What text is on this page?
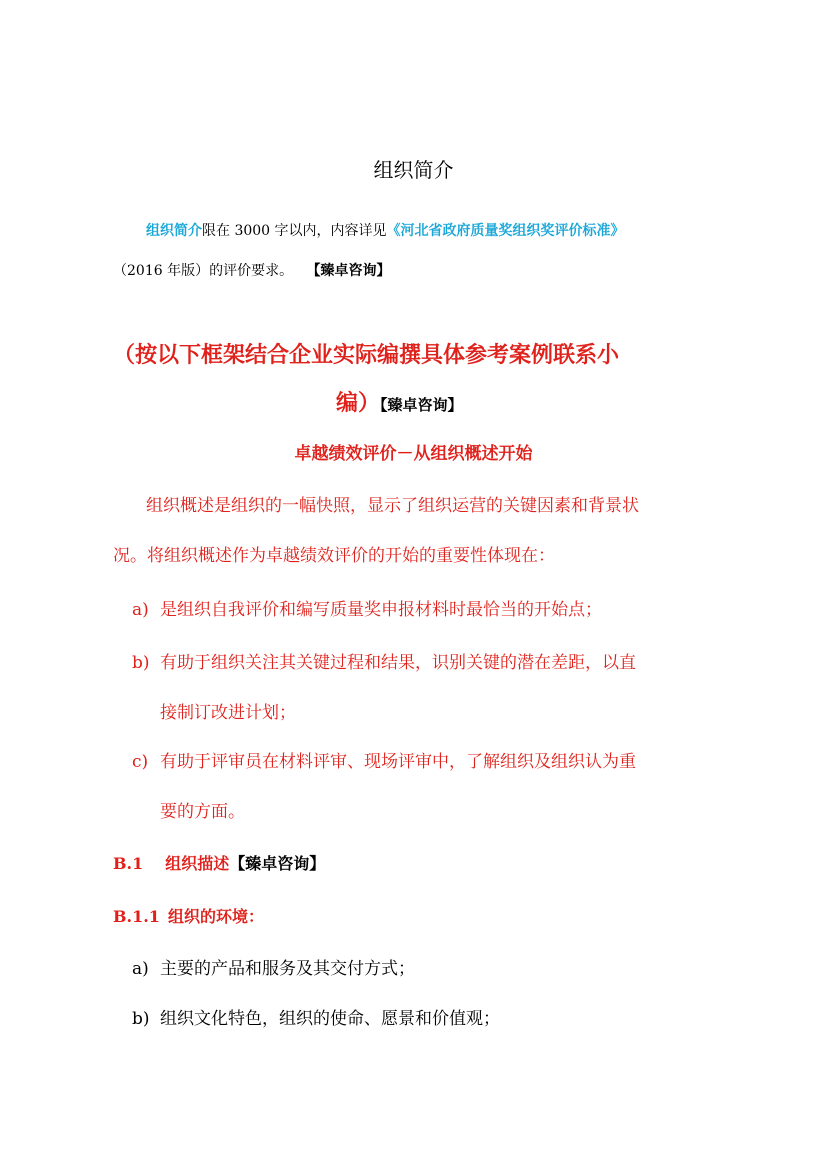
组织简介
组织简介限在 3000 字以内，内容详见《河北省政府质量奖组织奖评价标准》
（2016 年版）的评价要求。 【臻卓咨询】
（按以下框架结合企业实际编撰具体参考案例联系小
编）【臻卓咨询】
卓越绩效评价－从组织概述开始
组织概述是组织的一幅快照，显示了组织运营的关键因素和背景状
况。将组织概述作为卓越绩效评价的开始的重要性体现在：
a) 是组织自我评价和编写质量奖申报材料时最恰当的开始点；
b) 有助于组织关注其关键过程和结果，识别关键的潜在差距，以直
接制订改进计划；
c) 有助于评审员在材料评审、现场评审中，了解组织及组织认为重
要的方面。
B.1 组织描述【臻卓咨询】
B.1.1 组织的环境：
a) 主要的产品和服务及其交付方式；
b) 组织文化特色，组织的使命、愿景和价值观；
